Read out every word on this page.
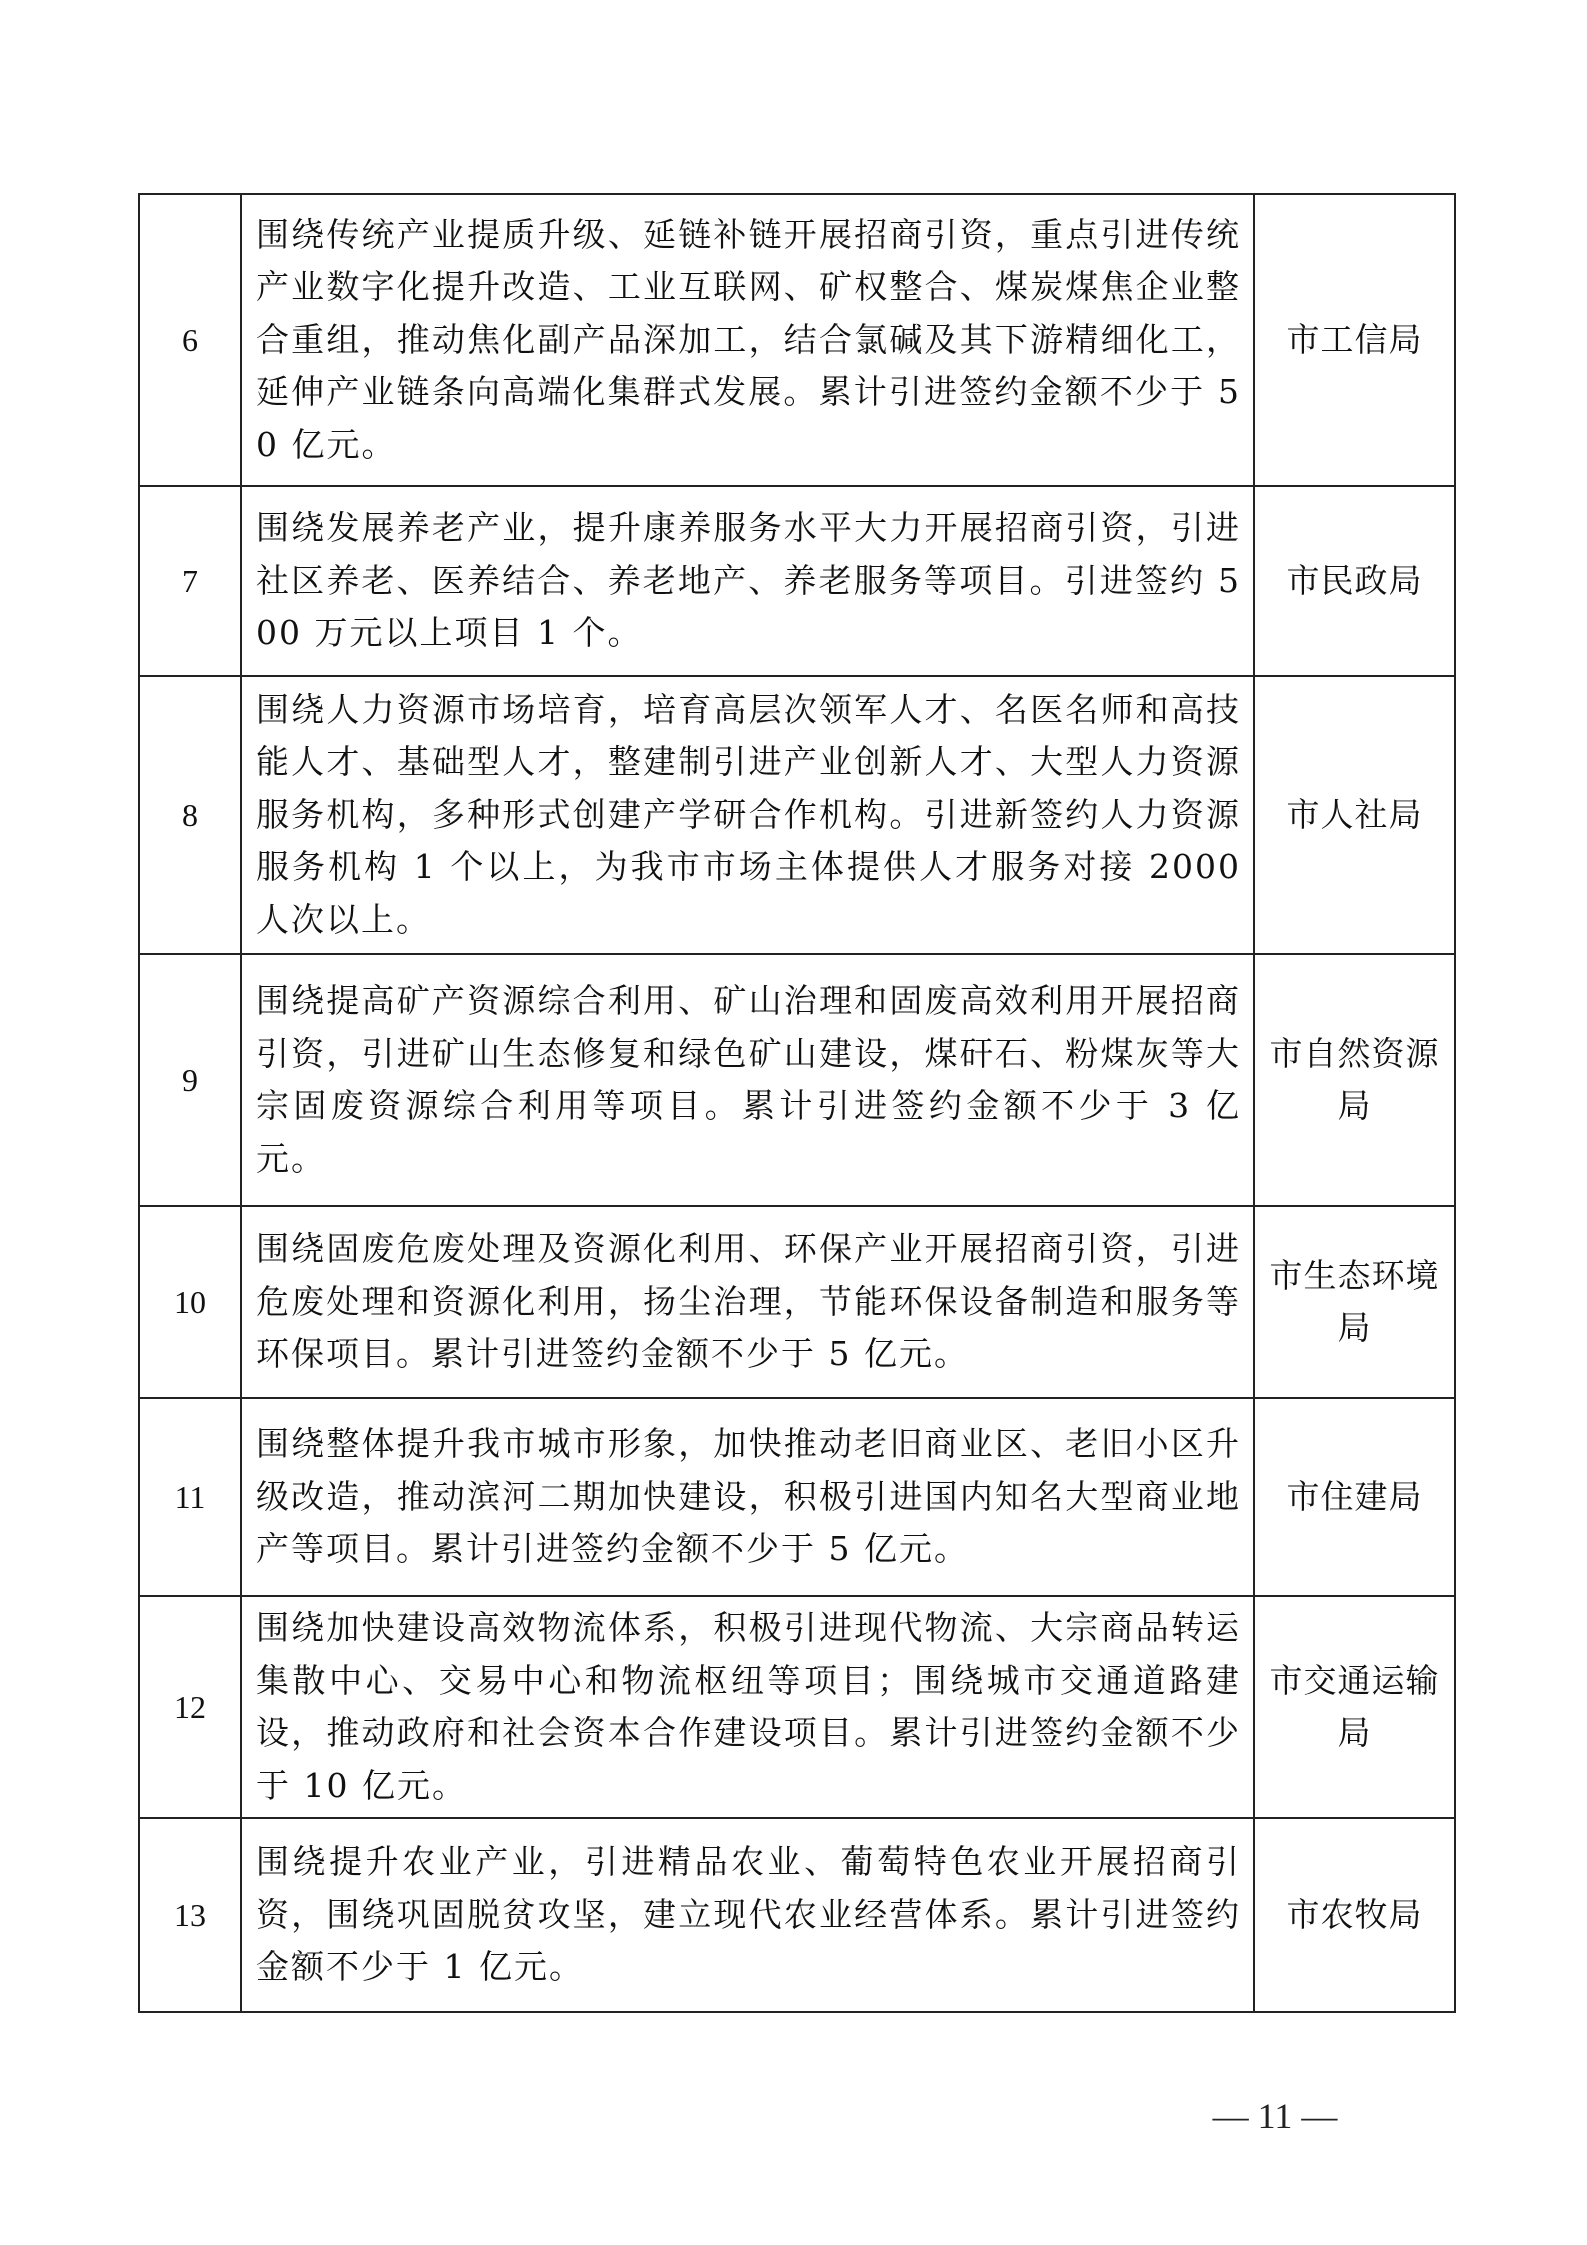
6	围绕传统产业提质升级、延链补链开展招商引资，重点引进传统产业数字化提升改造、工业互联网、矿权整合、煤炭煤焦企业整合重组，推动焦化副产品深加工，结合氯碱及其下游精细化工，延伸产业链条向高端化集群式发展。累计引进签约金额不少于 50 亿元。	市工信局
7	围绕发展养老产业，提升康养服务水平大力开展招商引资，引进社区养老、医养结合、养老地产、养老服务等项目。引进签约 500 万元以上项目 1 个。	市民政局
8	围绕人力资源市场培育，培育高层次领军人才、名医名师和高技能人才、基础型人才，整建制引进产业创新人才、大型人力资源服务机构，多种形式创建产学研合作机构。引进新签约人力资源服务机构 1 个以上，为我市市场主体提供人才服务对接 2000 人次以上。	市人社局
9	围绕提高矿产资源综合利用、矿山治理和固废高效利用开展招商引资，引进矿山生态修复和绿色矿山建设，煤矸石、粉煤灰等大宗固废资源综合利用等项目。累计引进签约金额不少于 3 亿元。	市自然资源局
10	围绕固废危废处理及资源化利用、环保产业开展招商引资，引进危废处理和资源化利用，扬尘治理，节能环保设备制造和服务等环保项目。累计引进签约金额不少于 5 亿元。	市生态环境局
11	围绕整体提升我市城市形象，加快推动老旧商业区、老旧小区升级改造，推动滨河二期加快建设，积极引进国内知名大型商业地产等项目。累计引进签约金额不少于 5 亿元。	市住建局
12	围绕加快建设高效物流体系，积极引进现代物流、大宗商品转运集散中心、交易中心和物流枢纽等项目；围绕城市交通道路建设，推动政府和社会资本合作建设项目。累计引进签约金额不少于 10 亿元。	市交通运输局
13	围绕提升农业产业，引进精品农业、葡萄特色农业开展招商引资，围绕巩固脱贫攻坚，建立现代农业经营体系。累计引进签约金额不少于 1 亿元。	市农牧局
— 11 —
